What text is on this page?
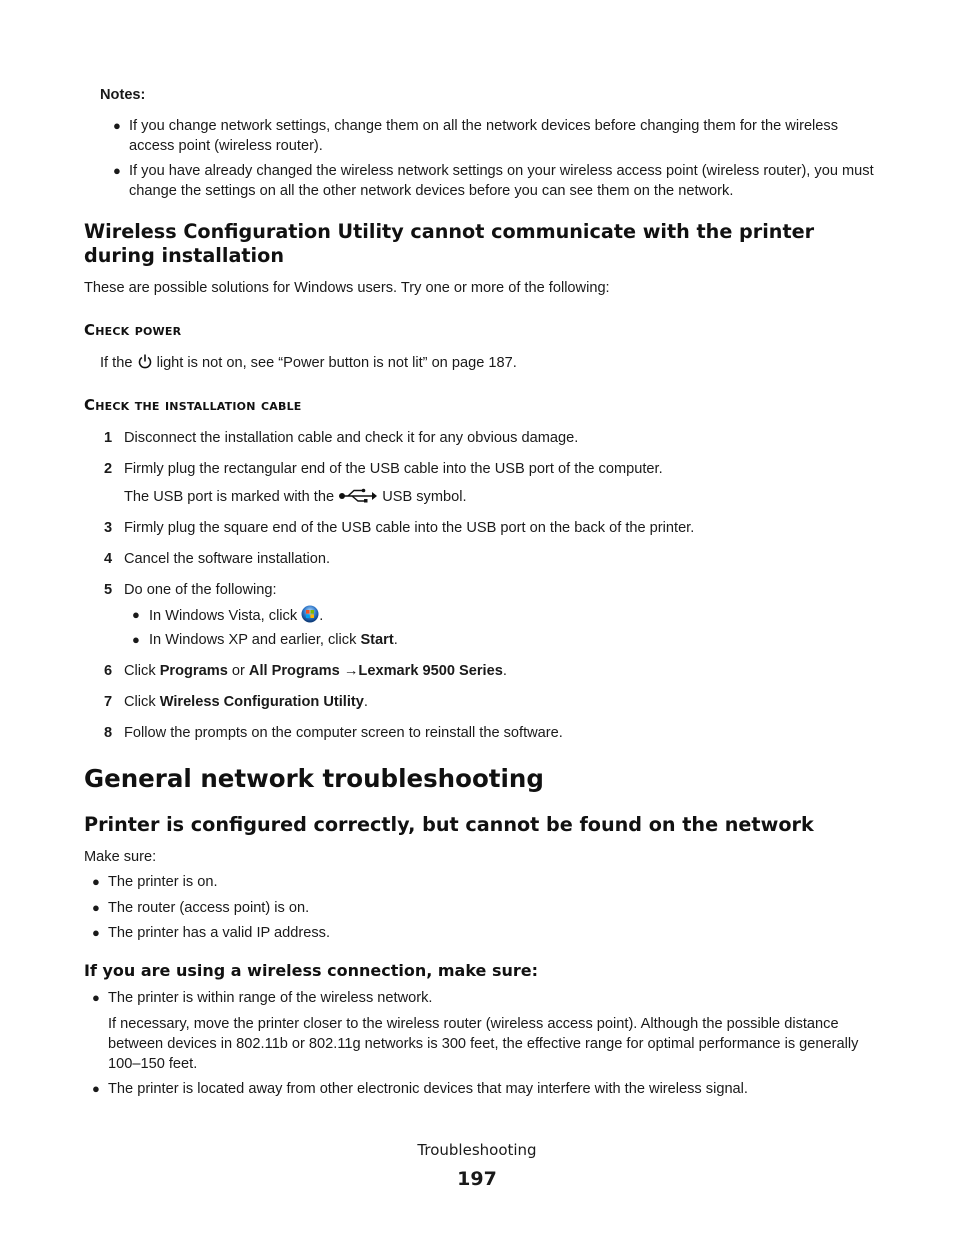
Notes:
● If you change network settings, change them on all the network devices before changing them for the wireless access point (wireless router).
● If you have already changed the wireless network settings on your wireless access point (wireless router), you must change the settings on all the other network devices before you can see them on the network.
Wireless Configuration Utility cannot communicate with the printer during installation
These are possible solutions for Windows users. Try one or more of the following:
Check power
If the light is not on, see “Power button is not lit” on page 187.
Check the installation cable
1 Disconnect the installation cable and check it for any obvious damage.
2 Firmly plug the rectangular end of the USB cable into the USB port of the computer.
The USB port is marked with the	USB symbol.
3 Firmly plug the square end of the USB cable into the USB port on the back of the printer.
4 Cancel the software installation.
5 Do one of the following:
● In Windows Vista, click .
● In Windows XP and earlier, click Start.
6 Click Programs or All Programs →Lexmark 9500 Series.
7 Click Wireless Configuration Utility.
8 Follow the prompts on the computer screen to reinstall the software.
General network troubleshooting
Printer is configured correctly, but cannot be found on the network
Make sure:
● The printer is on.
● The router (access point) is on.
● The printer has a valid IP address.
If you are using a wireless connection, make sure:
● The printer is within range of the wireless network.
If necessary, move the printer closer to the wireless router (wireless access point). Although the possible distance between devices in 802.11b or 802.11g networks is 300 feet, the effective range for optimal performance is generally 100–150 feet.
● The printer is located away from other electronic devices that may interfere with the wireless signal.
Troubleshooting
197
